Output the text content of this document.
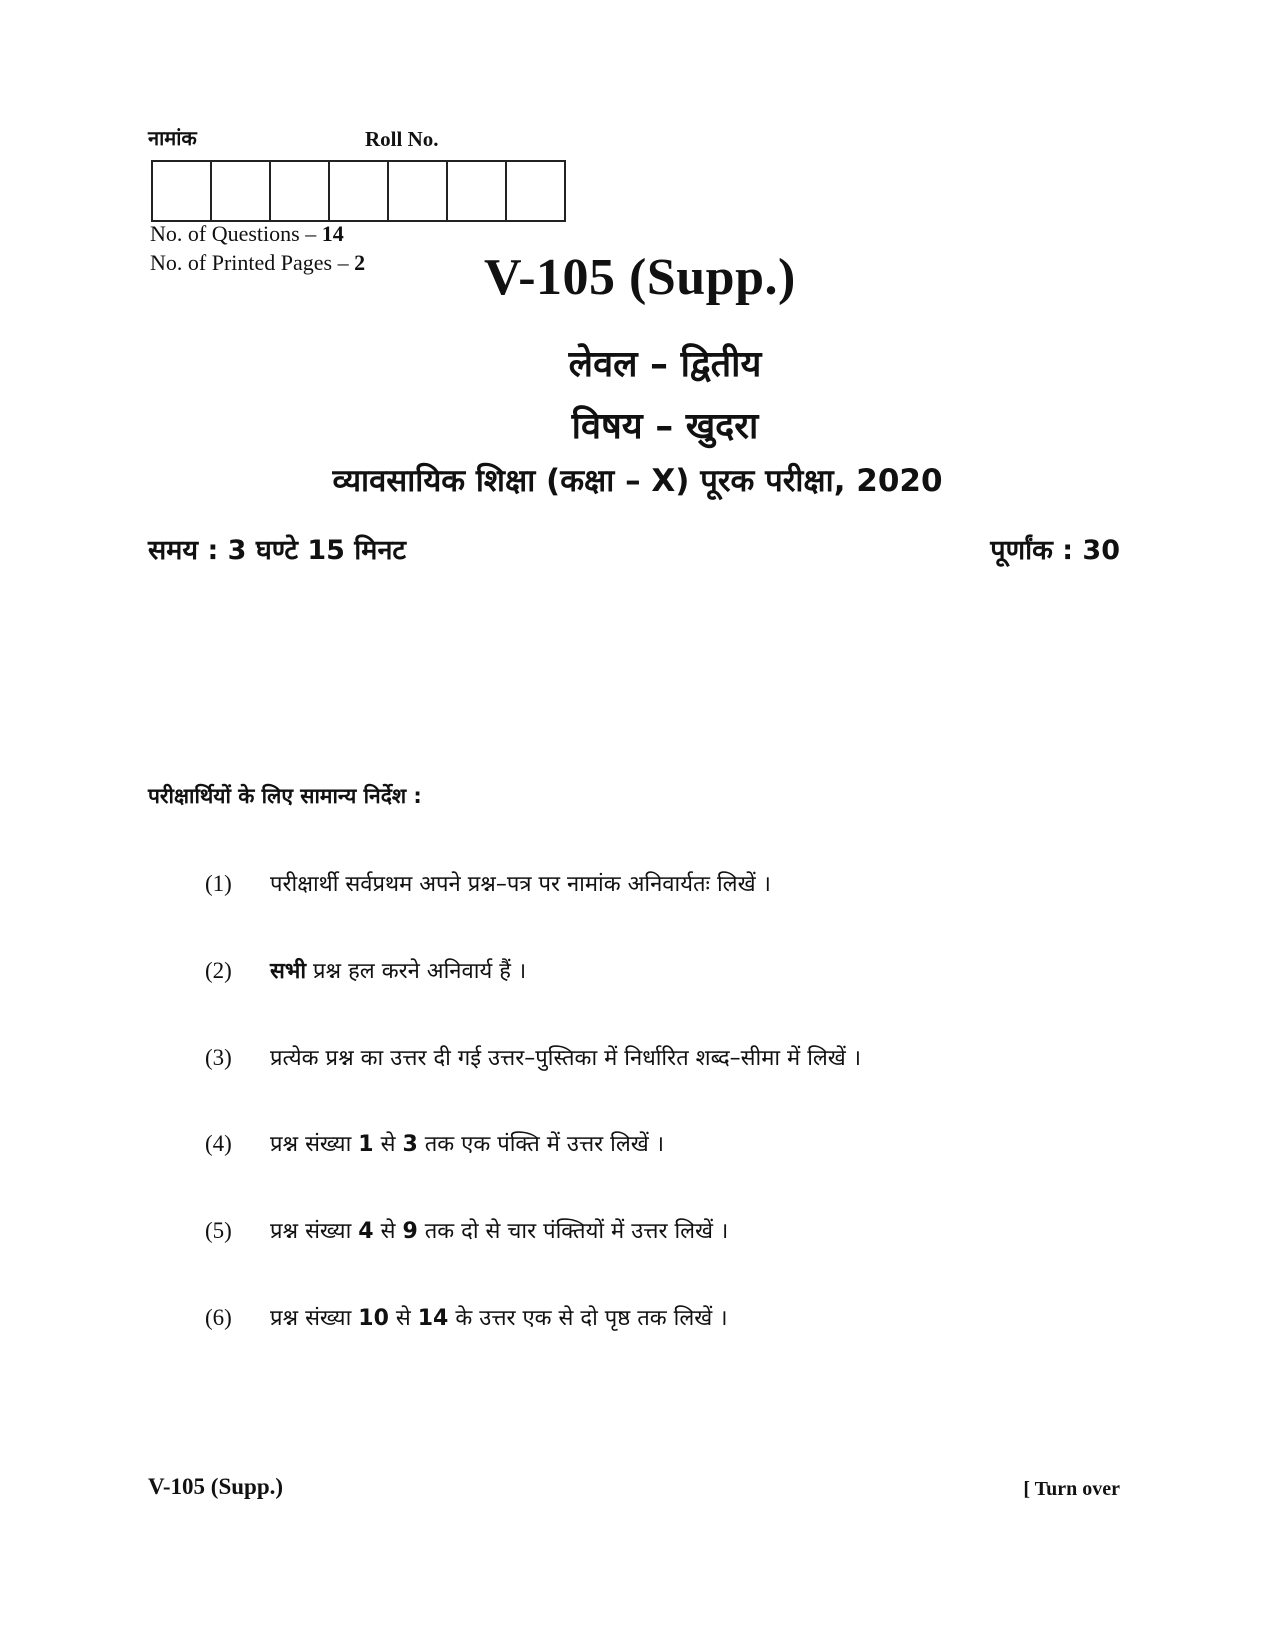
नामांक	Roll No.
No. of Questions – 14
No. of Printed Pages – 2 V-105 (Supp.)
लेवल – द्वितीय
विषय – खुदरा
व्यावसायिक शिक्षा (कक्षा – X) पूरक परीक्षा, 2020
समय : 3 घण्टे 15 मिनट	पूर्णांक : 30
परीक्षार्थियों के लिए सामान्य निर्देश :
(1)	परीक्षार्थी सर्वप्रथम अपने प्रश्न–पत्र पर नामांक अनिवार्यतः लिखें ।
(2)	सभी प्रश्न हल करने अनिवार्य हैं ।
(3)	प्रत्येक प्रश्न का उत्तर दी गई उत्तर–पुस्तिका में निर्धारित शब्द–सीमा में लिखें ।
(4)	प्रश्न संख्या 1 से 3 तक एक पंक्ति में उत्तर लिखें ।
(5)	प्रश्न संख्या 4 से 9 तक दो से चार पंक्तियों में उत्तर लिखें ।
(6)	प्रश्न संख्या 10 से 14 के उत्तर एक से दो पृष्ठ तक लिखें ।
V-105 (Supp.)	[ Turn over
